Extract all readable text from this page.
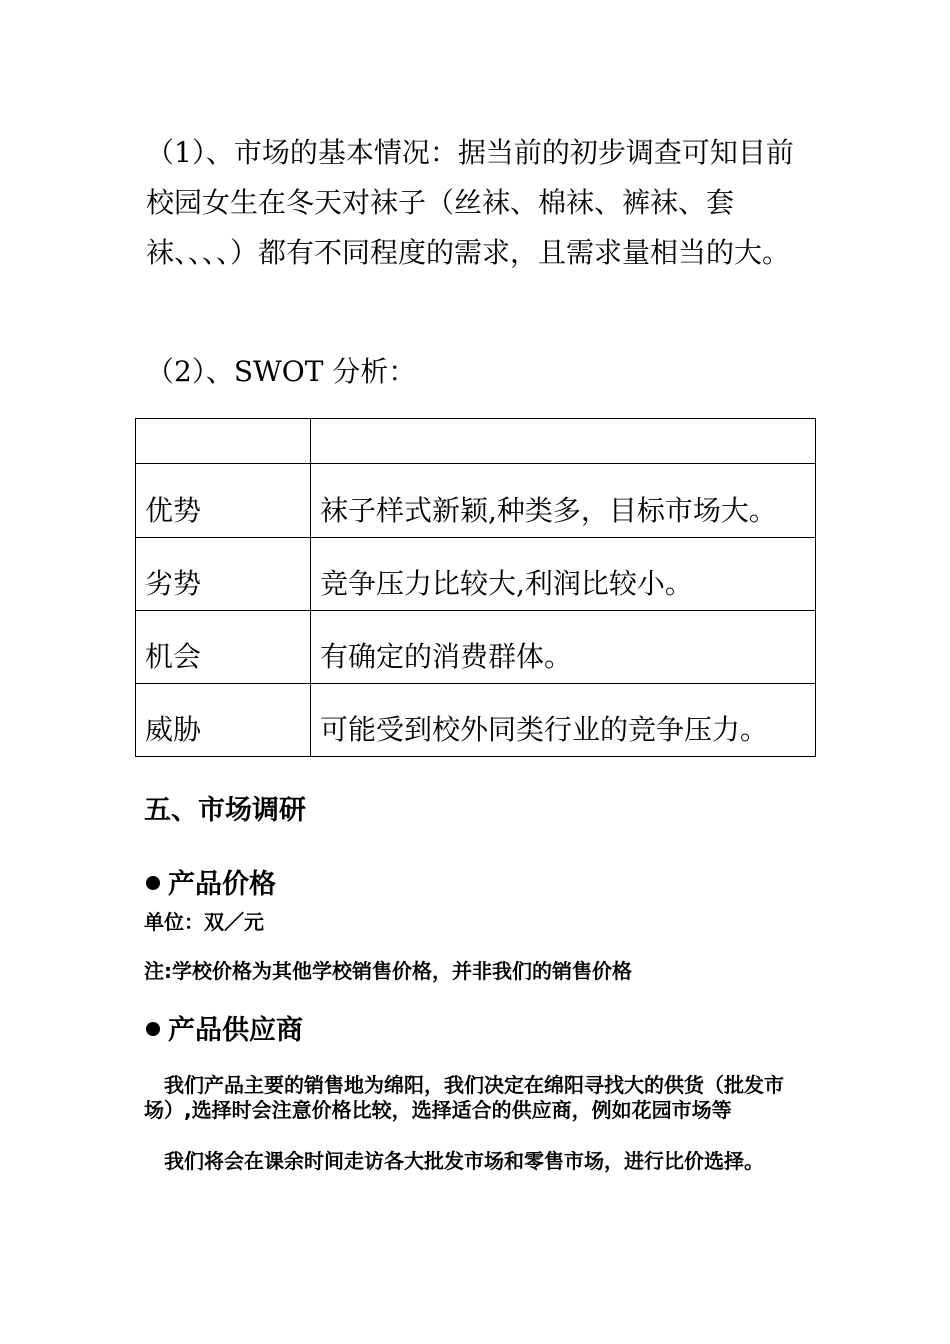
（1）、市场的基本情况：据当前的初步调查可知目前校园女生在冬天对袜子（丝袜、棉袜、裤袜、套袜、、、、）都有不同程度的需求，且需求量相当的大。
（2）、SWOT 分析：

优势	袜子样式新颖,种类多，目标市场大。
劣势	竞争压力比较大,利润比较小。
机会	有确定的消费群体。
威胁	可能受到校外同类行业的竞争压力。
五、市场调研
产品价格
单位：双／元
注:学校价格为其他学校销售价格，并非我们的销售价格
产品供应商
　我们产品主要的销售地为绵阳，我们决定在绵阳寻找大的供货（批发市场）,选择时会注意价格比较，选择适合的供应商，例如花园市场等
　我们将会在课余时间走访各大批发市场和零售市场，进行比价选择。
